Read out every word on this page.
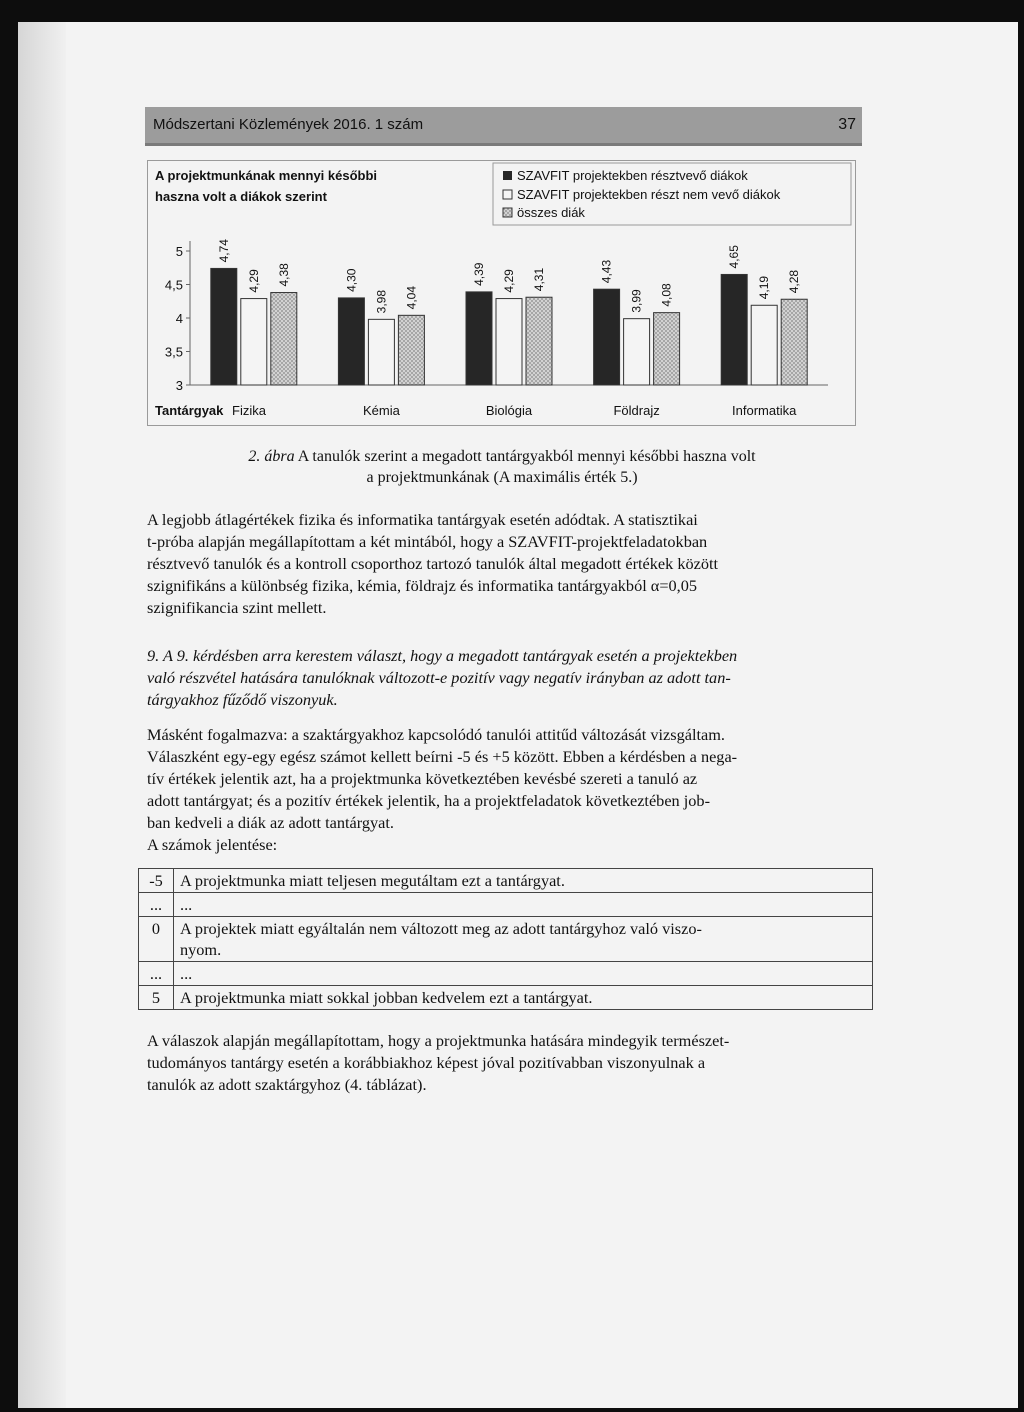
Módszertani Közlemények 2016. 1 szám	37
A projektmunkának mennyi későbbi
haszna volt a diákok szerint
SZAVFIT projektekben résztvevő diákok
SZAVFIT projektekben részt nem vevő diákok
összes diák
5
4,5
4
3,5
3
4,74
4,29 4,38	4,30
3,98 4,04
4,39 4,29 4,31	4,43
3,99 4,08
4,65
4,19 4,28
Fizika	Kémia	Biológia	Földrajz	Informatika
Tantárgyak
2. ábra A tanulók szerint a megadott tantárgyakból mennyi későbbi haszna volt
a projektmunkának (A maximális érték 5.)
A legjobb átlagértékek fizika és informatika tantárgyak esetén adódtak. A statisztikai
t-próba alapján megállapítottam a két mintából, hogy a SZAVFIT-projektfeladatokban
résztvevő tanulók és a kontroll csoporthoz tartozó tanulók által megadott értékek között
szignifikáns a különbség fizika, kémia, földrajz és informatika tantárgyakból α=0,05
szignifikancia szint mellett.
9. A 9. kérdésben arra kerestem választ, hogy a megadott tantárgyak esetén a projektekben
való részvétel hatására tanulóknak változott-e pozitív vagy negatív irányban az adott tan-
tárgyakhoz fűződő viszonyuk.
Másként fogalmazva: a szaktárgyakhoz kapcsolódó tanulói attitűd változását vizsgáltam.
Válaszként egy-egy egész számot kellett beírni -5 és +5 között. Ebben a kérdésben a nega-
tív értékek jelentik azt, ha a projektmunka következtében kevésbé szereti a tanuló az
adott tantárgyat; és a pozitív értékek jelentik, ha a projektfeladatok következtében job-
ban kedveli a diák az adott tantárgyat.
A számok jelentése:
-5	A projektmunka miatt teljesen megutáltam ezt a tantárgyat.
...	...
0	A projektek miatt egyáltalán nem változott meg az adott tantárgyhoz való viszo-
nyom.
...	...
5	A projektmunka miatt sokkal jobban kedvelem ezt a tantárgyat.
A válaszok alapján megállapítottam, hogy a projektmunka hatására mindegyik természet-
tudományos tantárgy esetén a korábbiakhoz képest jóval pozitívabban viszonyulnak a
tanulók az adott szaktárgyhoz (4. táblázat).
